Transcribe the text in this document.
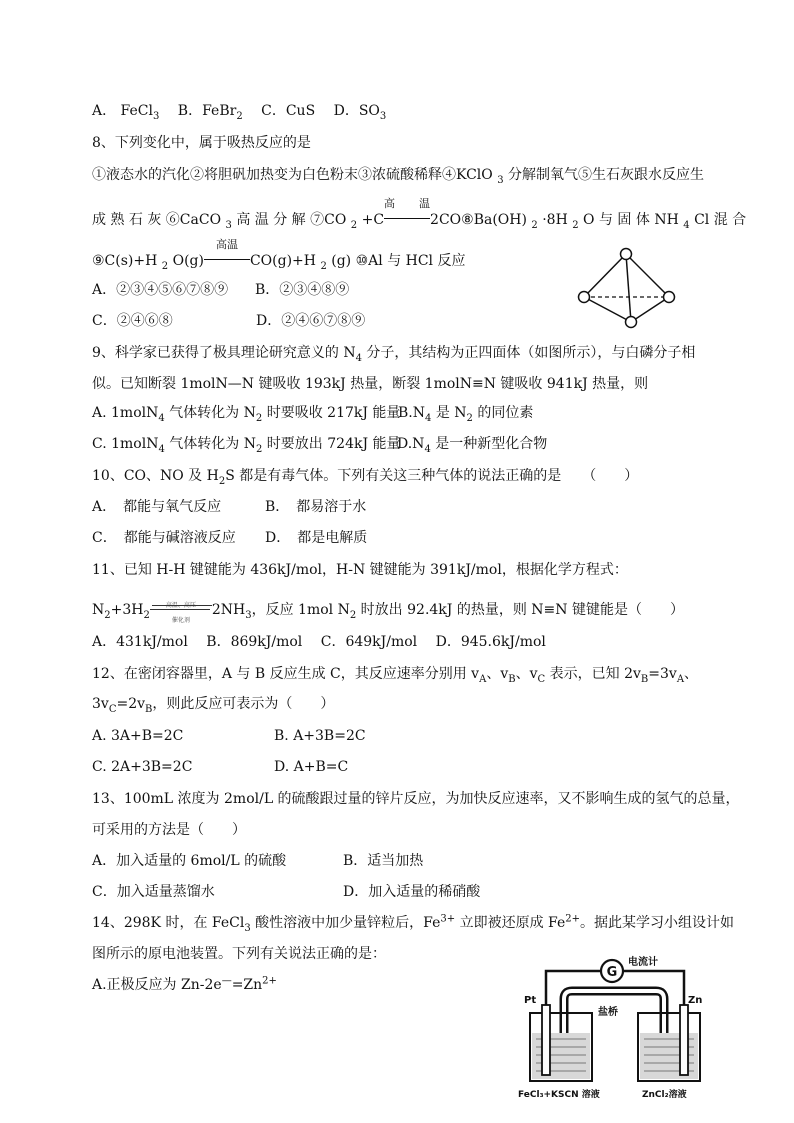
A． FeCl$_3$　 B．FeBr$_2$　 C．CuS　 D．$SO_3$
8、下列变化中，属于吸热反应的是
①液态水的汽化②将胆矾加热变为白色粉末③浓硫酸稀释④KClO $_3$ 分解制氧气⑤生石灰跟水反应生
成 熟 石 灰 ⑥CaCO $_3$ 高 温 分 解 ⑦CO $_2$ +C
高温
2CO⑧Ba(OH) $_2$ ·8H $_2$ O 与 固 体 NH $_4$ Cl 混 合
⑨C(s)+H $_2$ O(g)
高温
CO(g)+H $_2$ (g) ⑩Al 与 HCl 反应
A．②③④⑤⑥⑦⑧⑨ B．②③④⑧⑨
C．②④⑥⑧	D．②④⑥⑦⑧⑨
9、科学家已获得了极具理论研究意义的 $N_4$ 分子，其结构为正四面体（如图所示），与白磷分子相
似。已知断裂 1molN—N 键吸收 193kJ 热量，断裂 1molN≡N 键吸收 941kJ 热量，则
A. 1molN$_4$ 气体转化为 $N_2$ 时要吸收 217kJ 能量
$B.N_4$ 是 $N_2$ 的同位素
C. 1molN$_4$ 气体转化为 $N_2$ 时要放出 724kJ 能量
$D.N_4$ 是一种新型化合物
10、CO、NO 及 $H_2S$ 都是有毒气体。下列有关这三种气体的说法正确的是　　（　　）
A．　都能与氧气反应	B．　都易溶于水
C．　都能与碱溶液反应 D．　都是电解质
11、已知 H-H 键键能为 436kJ/mol，H-N 键键能为 391kJ/mol，根据化学方程式：
$N_2+3H_2$
高温、高压
催化剂
$2NH_3$，反应 1mol $N_2$ 时放出 92.4kJ 的热量，则 N≡N 键键能是（　　）
A．431kJ/mol　 B．869kJ/mol　 C．649kJ/mol　 D．945.6kJ/mol
12、在密闭容器里，A 与 B 反应生成 C，其反应速率分别用 $v_A$、$v_B$、$v_C$ 表示，已知 $2v_B=3v_A$、
$3v_C=2v_B$，则此反应可表示为（　　）
A. 3A+B=2C	B. A+3B=2C
C. 2A+3B=2C	D. A+B=C
13、100mL 浓度为 2mol/L 的硫酸跟过量的锌片反应，为加快反应速率，又不影响生成的氢气的总量，
可采用的方法是（　　）
A．加入适量的 6mol/L 的硫酸	B．适当加热
C．加入适量蒸馏水	D．加入适量的稀硝酸
14、298K 时，在 FeCl$_3$ 酸性溶液中加少量锌粒后，$Fe^{3+}$ 立即被还原成 $Fe^{2+}$。据此某学习小组设计如
图所示的原电池装置。下列有关说法正确的是：
A.正极反应为 $Zn-2e^—=Zn^{2+}$
G
电流计
Pt	Zn
盐桥
FeCl₃+KSCN 溶液	ZnCl₂溶液
